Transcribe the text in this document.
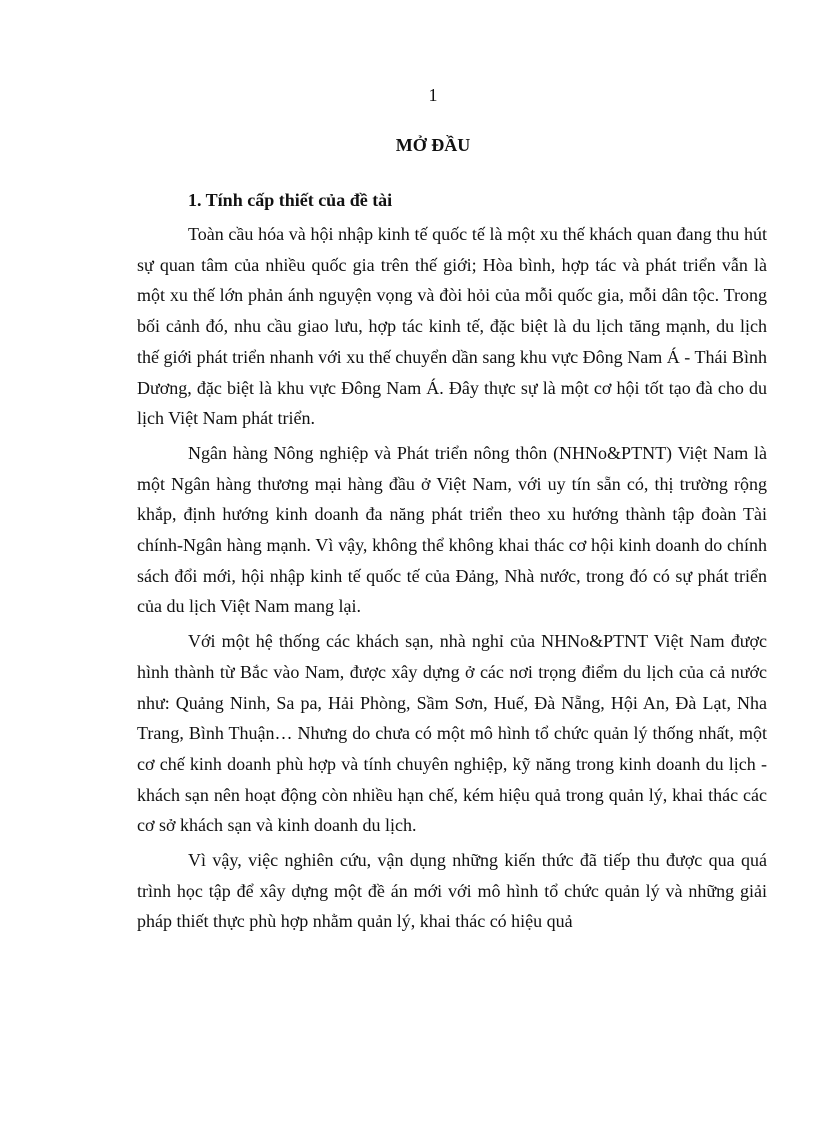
1
MỞ ĐẦU
1. Tính cấp thiết của đề tài

Toàn cầu hóa và hội nhập kinh tế quốc tế là một xu thế khách quan đang thu hút sự quan tâm của nhiều quốc gia trên thế giới; Hòa bình, hợp tác và phát triển vẫn là một xu thế lớn phản ánh nguyện vọng và đòi hỏi của mỗi quốc gia, mỗi dân tộc. Trong bối cảnh đó, nhu cầu giao lưu, hợp tác kinh tế, đặc biệt là du lịch tăng mạnh, du lịch thế giới phát triển nhanh với xu thế chuyển dần sang khu vực Đông Nam Á - Thái Bình Dương, đặc biệt là khu vực Đông Nam Á. Đây thực sự là một cơ hội tốt tạo đà cho du lịch Việt Nam phát triển.

Ngân hàng Nông nghiệp và Phát triển nông thôn (NHNo&PTNT) Việt Nam là một Ngân hàng thương mại hàng đầu ở Việt Nam, với uy tín sẵn có, thị trường rộng khắp, định hướng kinh doanh đa năng phát triển theo xu hướng thành tập đoàn Tài chính-Ngân hàng mạnh. Vì vậy, không thể không khai thác cơ hội kinh doanh do chính sách đổi mới, hội nhập kinh tế quốc tế của Đảng, Nhà nước, trong đó có sự phát triển của du lịch Việt Nam mang lại.

Với một hệ thống các khách sạn, nhà nghỉ của NHNo&PTNT Việt Nam được hình thành từ Bắc vào Nam, được xây dựng ở các nơi trọng điểm du lịch của cả nước như: Quảng Ninh, Sa pa, Hải Phòng, Sầm Sơn, Huế, Đà Nẵng, Hội An, Đà Lạt, Nha Trang, Bình Thuận… Nhưng do chưa có một mô hình tổ chức quản lý thống nhất, một cơ chế kinh doanh phù hợp và tính chuyên nghiệp, kỹ năng trong kinh doanh du lịch - khách sạn nên hoạt động còn nhiều hạn chế, kém hiệu quả trong quản lý, khai thác các cơ sở khách sạn và kinh doanh du lịch.

Vì vậy, việc nghiên cứu, vận dụng những kiến thức đã tiếp thu được qua quá trình học tập để xây dựng một đề án mới với mô hình tổ chức quản lý và những giải pháp thiết thực phù hợp nhằm quản lý, khai thác có hiệu quả
